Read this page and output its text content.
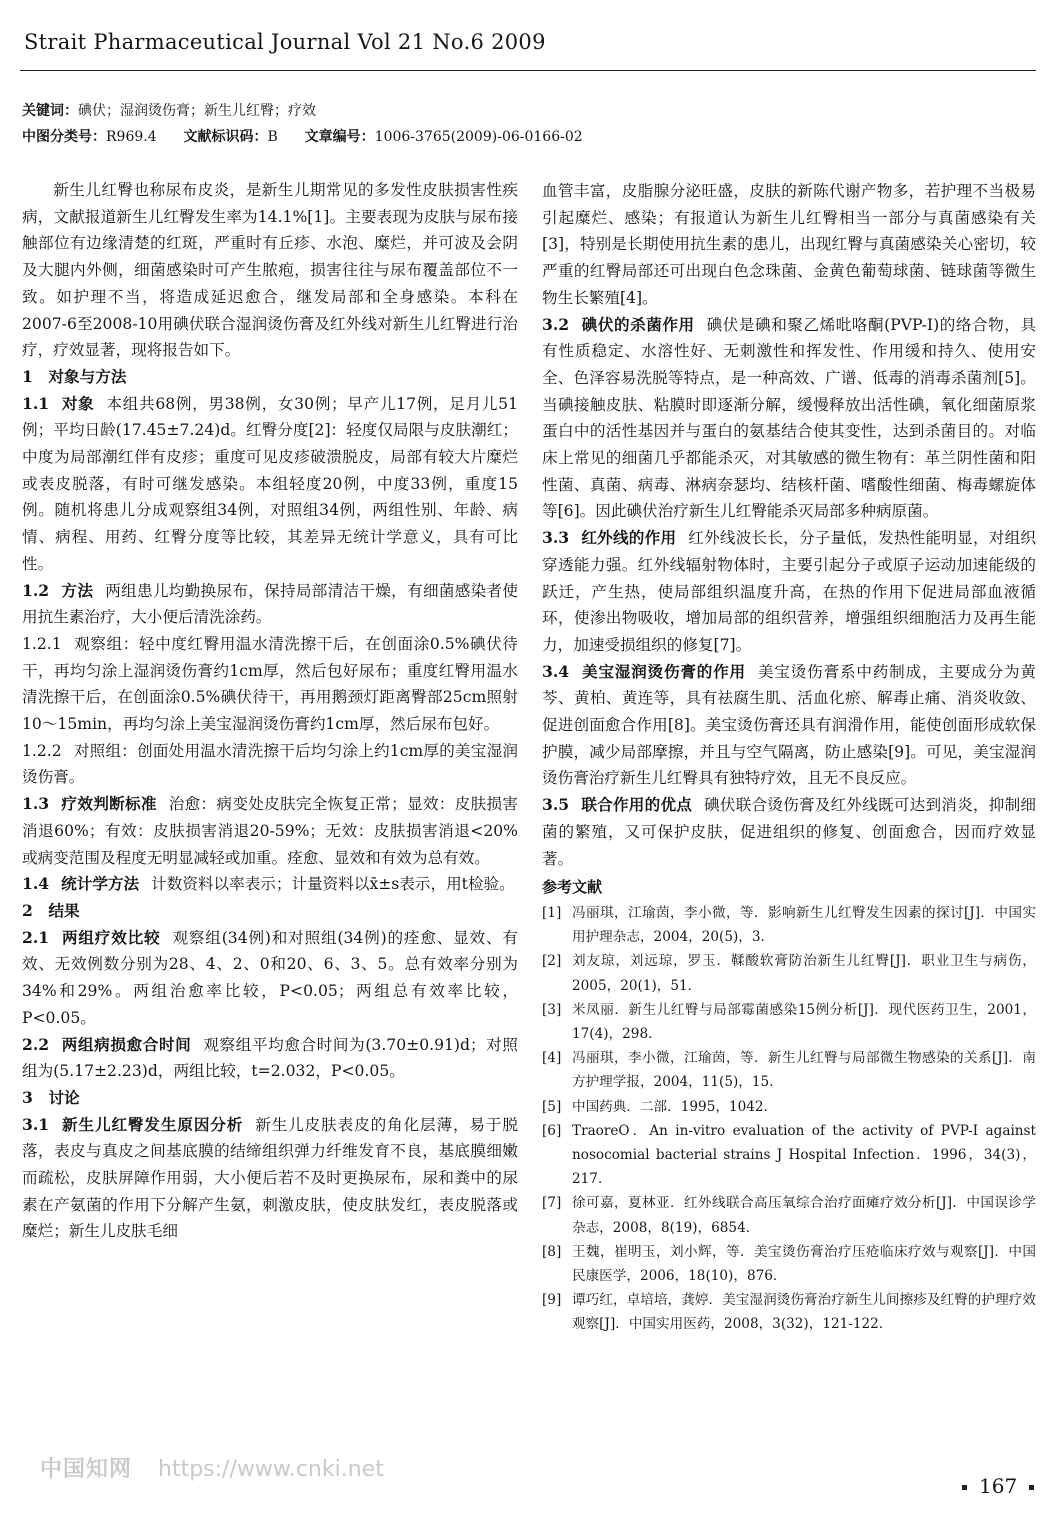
Strait Pharmaceutical Journal Vol 21 No.6 2009
关键词：碘伏；湿润烫伤膏；新生儿红臀；疗效
中图分类号：R969.4 文献标识码：B 文章编号：1006-3765(2009)-06-0166-02

新生儿红臀也称尿布皮炎，是新生儿期常见的多发性皮肤损害性疾病，文献报道新生儿红臀发生率为14.1%[1]。主要表现为皮肤与尿布接触部位有边缘清楚的红斑，严重时有丘疹、水泡、糜烂，并可波及会阴及大腿内外侧，细菌感染时可产生脓疱，损害往往与尿布覆盖部位不一致。如护理不当，将造成延迟愈合，继发局部和全身感染。本科在2007-6至2008-10用碘伏联合湿润烫伤膏及红外线对新生儿红臀进行治疗，疗效显著，现将报告如下。

1　对象与方法

1.1 对象 本组共68例，男38例，女30例；早产儿17例，足月儿51例；平均日龄(17.45±7.24)d。红臀分度[2]：轻度仅局限与皮肤潮红；中度为局部潮红伴有皮疹；重度可见皮疹破溃脱皮，局部有较大片糜烂或表皮脱落，有时可继发感染。本组轻度20例，中度33例，重度15例。随机将患儿分成观察组34例，对照组34例，两组性别、年龄、病情、病程、用药、红臀分度等比较，其差异无统计学意义，具有可比性。

1.2 方法 两组患儿均勤换尿布，保持局部清洁干燥，有细菌感染者使用抗生素治疗，大小便后清洗涂药。

1.2.1 观察组：轻中度红臀用温水清洗擦干后，在创面涂0.5%碘伏待干，再均匀涂上湿润烫伤膏约1cm厚，然后包好尿布；重度红臀用温水清洗擦干后，在创面涂0.5%碘伏待干，再用鹅颈灯距离臀部25cm照射10～15min，再均匀涂上美宝湿润烫伤膏约1cm厚，然后尿布包好。

1.2.2 对照组：创面处用温水清洗擦干后均匀涂上约1cm厚的美宝湿润烫伤膏。

1.3 疗效判断标准 治愈：病变处皮肤完全恢复正常；显效：皮肤损害消退60%；有效：皮肤损害消退20-59%；无效：皮肤损害消退<20%或病变范围及程度无明显减轻或加重。痊愈、显效和有效为总有效。

1.4 统计学方法 计数资料以率表示；计量资料以x̄±s表示，用t检验。

2　结果

2.1 两组疗效比较 观察组(34例)和对照组(34例)的痊愈、显效、有效、无效例数分别为28、4、2、0和20、6、3、5。总有效率分别为34%和29%。两组治愈率比较，P<0.05；两组总有效率比较，P<0.05。

2.2 两组病损愈合时间 观察组平均愈合时间为(3.70±0.91)d；对照组为(5.17±2.23)d，两组比较，t=2.032，P<0.05。

3　讨论

3.1 新生儿红臀发生原因分析 新生儿皮肤表皮的角化层薄，易于脱落，表皮与真皮之间基底膜的结缔组织弹力纤维发育不良，基底膜细嫩而疏松，皮肤屏障作用弱，大小便后若不及时更换尿布，尿和粪中的尿素在产氨菌的作用下分解产生氨，刺激皮肤，使皮肤发红，表皮脱落或糜烂；新生儿皮肤毛细

血管丰富，皮脂腺分泌旺盛，皮肤的新陈代谢产物多，若护理不当极易引起糜烂、感染；有报道认为新生儿红臀相当一部分与真菌感染有关[3]，特别是长期使用抗生素的患儿，出现红臀与真菌感染关心密切，较严重的红臀局部还可出现白色念珠菌、金黄色葡萄球菌、链球菌等微生物生长繁殖[4]。

3.2 碘伏的杀菌作用 碘伏是碘和聚乙烯吡咯酮(PVP-I)的络合物，具有性质稳定、水溶性好、无刺激性和挥发性、作用缓和持久、使用安全、色泽容易洗脱等特点，是一种高效、广谱、低毒的消毒杀菌剂[5]。当碘接触皮肤、粘膜时即逐渐分解，缓慢释放出活性碘，氧化细菌原浆蛋白中的活性基因并与蛋白的氨基结合使其变性，达到杀菌目的。对临床上常见的细菌几乎都能杀灭，对其敏感的微生物有：革兰阴性菌和阳性菌、真菌、病毒、淋病奈瑟均、结核杆菌、嗜酸性细菌、梅毒螺旋体等[6]。因此碘伏治疗新生儿红臀能杀灭局部多种病原菌。

3.3 红外线的作用 红外线波长长，分子量低，发热性能明显，对组织穿透能力强。红外线辐射物体时，主要引起分子或原子运动加速能级的跃迁，产生热，使局部组织温度升高，在热的作用下促进局部血液循环，使渗出物吸收，增加局部的组织营养，增强组织细胞活力及再生能力，加速受损组织的修复[7]。

3.4 美宝湿润烫伤膏的作用 美宝烫伤膏系中药制成，主要成分为黄芩、黄柏、黄连等，具有祛腐生肌、活血化瘀、解毒止痛、消炎收敛、促进创面愈合作用[8]。美宝烫伤膏还具有润滑作用，能使创面形成软保护膜，减少局部摩擦，并且与空气隔离，防止感染[9]。可见，美宝湿润烫伤膏治疗新生儿红臀具有独特疗效，且无不良反应。

3.5 联合作用的优点 碘伏联合烫伤膏及红外线既可达到消炎，抑制细菌的繁殖，又可保护皮肤，促进组织的修复、创面愈合，因而疗效显著。

参考文献

[1] 冯丽琪，江瑜茵，李小微，等．影响新生儿红臀发生因素的探讨[J]．中国实用护理杂志，2004，20(5)，3．
[2] 刘友琼，刘远琼，罗玉．鞣酸软膏防治新生儿红臀[J]．职业卫生与病伤，2005，20(1)，51．
[3] 米凤丽．新生儿红臀与局部霉菌感染15例分析[J]．现代医药卫生，2001，17(4)，298．
[4] 冯丽琪，李小微，江瑜茵，等．新生儿红臀与局部微生物感染的关系[J]．南方护理学报，2004，11(5)，15．
[5] 中国药典．二部．1995，1042．
[6] TraoreO．An in-vitro evaluation of the activity of PVP-I against nosocomial bacterial strains J Hospital Infection．1996，34(3)，217．
[7] 徐可嘉，夏林亚．红外线联合高压氧综合治疗面瘫疗效分析[J]．中国误诊学杂志，2008，8(19)，6854．
[8] 王魏，崔明玉，刘小辉，等．美宝烫伤膏治疗压疮临床疗效与观察[J]．中国民康医学，2006，18(10)，876．
[9] 谭巧红，卓培培，龚婷．美宝湿润烫伤膏治疗新生儿间擦疹及红臀的护理疗效观察[J]．中国实用医药，2008，3(32)，121-122．
中国知网 https://www.cnki.net
167
